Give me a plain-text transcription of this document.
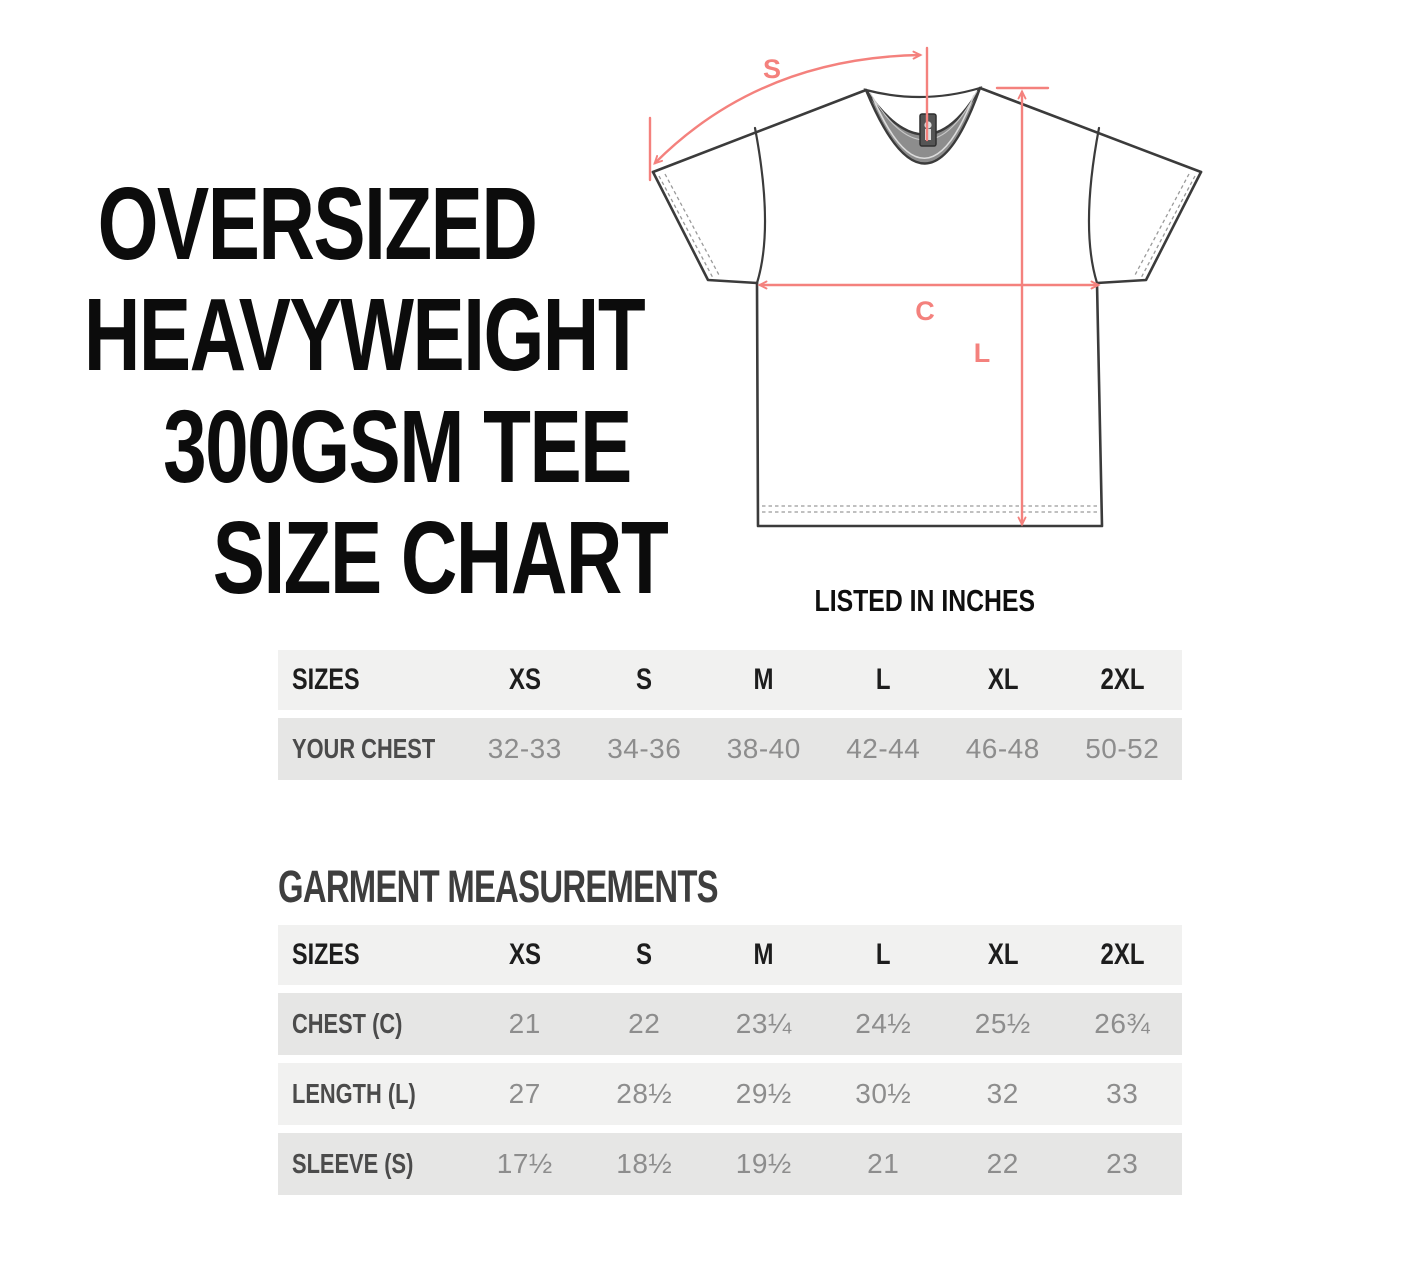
OVERSIZED
HEAVYWEIGHT
300GSM TEE
SIZE CHART
S
C
L
LISTED IN INCHES
SIZES	XS	S	M	L	XL	2XL
YOUR CHEST	32-33	34-36	38-40	42-44	46-48	50-52
GARMENT MEASUREMENTS
SIZES	XS	S	M	L	XL	2XL
CHEST (C)	21	22	23¼	24½	25½	26¾
LENGTH (L)	27	28½	29½	30½	32	33
SLEEVE (S)	17½	18½	19½	21	22	23
